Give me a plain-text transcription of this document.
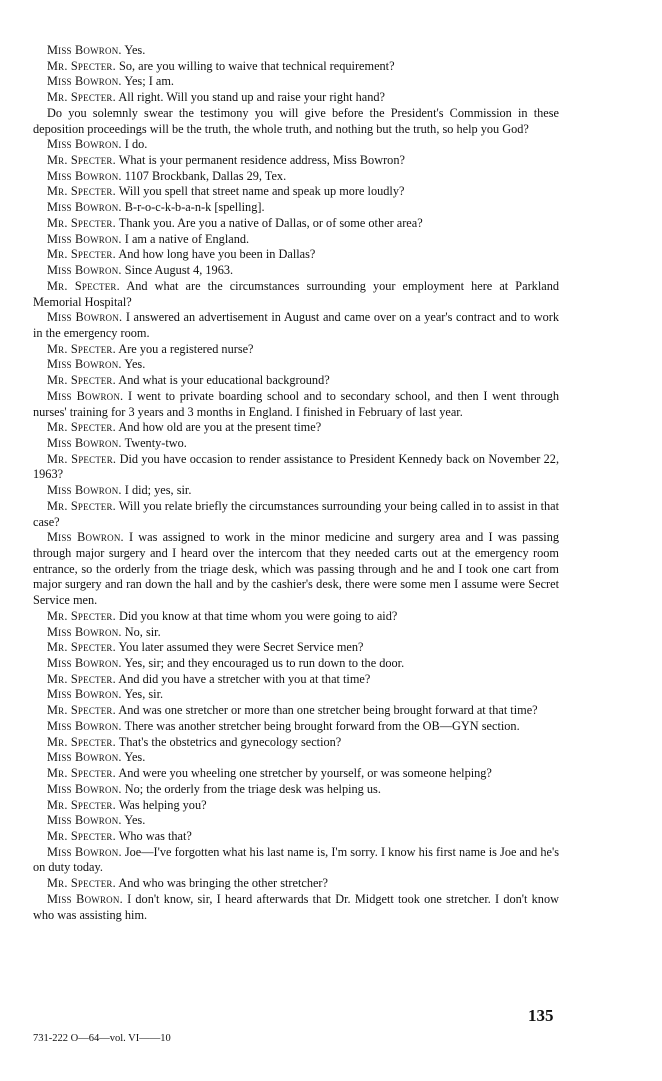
Miss Bowron. Yes.

Mr. Specter. So, are you willing to waive that technical requirement?

Miss Bowron. Yes; I am.

Mr. Specter. All right. Will you stand up and raise your right hand?

Do you solemnly swear the testimony you will give before the President's Commission in these deposition proceedings will be the truth, the whole truth, and nothing but the truth, so help you God?

Miss Bowron. I do.

Mr. Specter. What is your permanent residence address, Miss Bowron?

Miss Bowron. 1107 Brockbank, Dallas 29, Tex.

Mr. Specter. Will you spell that street name and speak up more loudly?

Miss Bowron. B-r-o-c-k-b-a-n-k [spelling].

Mr. Specter. Thank you. Are you a native of Dallas, or of some other area?

Miss Bowron. I am a native of England.

Mr. Specter. And how long have you been in Dallas?

Miss Bowron. Since August 4, 1963.

Mr. Specter. And what are the circumstances surrounding your employment here at Parkland Memorial Hospital?

Miss Bowron. I answered an advertisement in August and came over on a year's contract and to work in the emergency room.

Mr. Specter. Are you a registered nurse?

Miss Bowron. Yes.

Mr. Specter. And what is your educational background?

Miss Bowron. I went to private boarding school and to secondary school, and then I went through nurses' training for 3 years and 3 months in England. I finished in February of last year.

Mr. Specter. And how old are you at the present time?

Miss Bowron. Twenty-two.

Mr. Specter. Did you have occasion to render assistance to President Kennedy back on November 22, 1963?

Miss Bowron. I did; yes, sir.

Mr. Specter. Will you relate briefly the circumstances surrounding your being called in to assist in that case?

Miss Bowron. I was assigned to work in the minor medicine and surgery area and I was passing through major surgery and I heard over the intercom that they needed carts out at the emergency room entrance, so the orderly from the triage desk, which was passing through and he and I took one cart from major surgery and ran down the hall and by the cashier's desk, there were some men I assume were Secret Service men.

Mr. Specter. Did you know at that time whom you were going to aid?

Miss Bowron. No, sir.

Mr. Specter. You later assumed they were Secret Service men?

Miss Bowron. Yes, sir; and they encouraged us to run down to the door.

Mr. Specter. And did you have a stretcher with you at that time?

Miss Bowron. Yes, sir.

Mr. Specter. And was one stretcher or more than one stretcher being brought forward at that time?

Miss Bowron. There was another stretcher being brought forward from the OB—GYN section.

Mr. Specter. That's the obstetrics and gynecology section?

Miss Bowron. Yes.

Mr. Specter. And were you wheeling one stretcher by yourself, or was someone helping?

Miss Bowron. No; the orderly from the triage desk was helping us.

Mr. Specter. Was helping you?

Miss Bowron. Yes.

Mr. Specter. Who was that?

Miss Bowron. Joe—I've forgotten what his last name is, I'm sorry. I know his first name is Joe and he's on duty today.

Mr. Specter. And who was bringing the other stretcher?

Miss Bowron. I don't know, sir, I heard afterwards that Dr. Midgett took one stretcher. I don't know who was assisting him.

135
731-222 O—64—vol. VI——10
